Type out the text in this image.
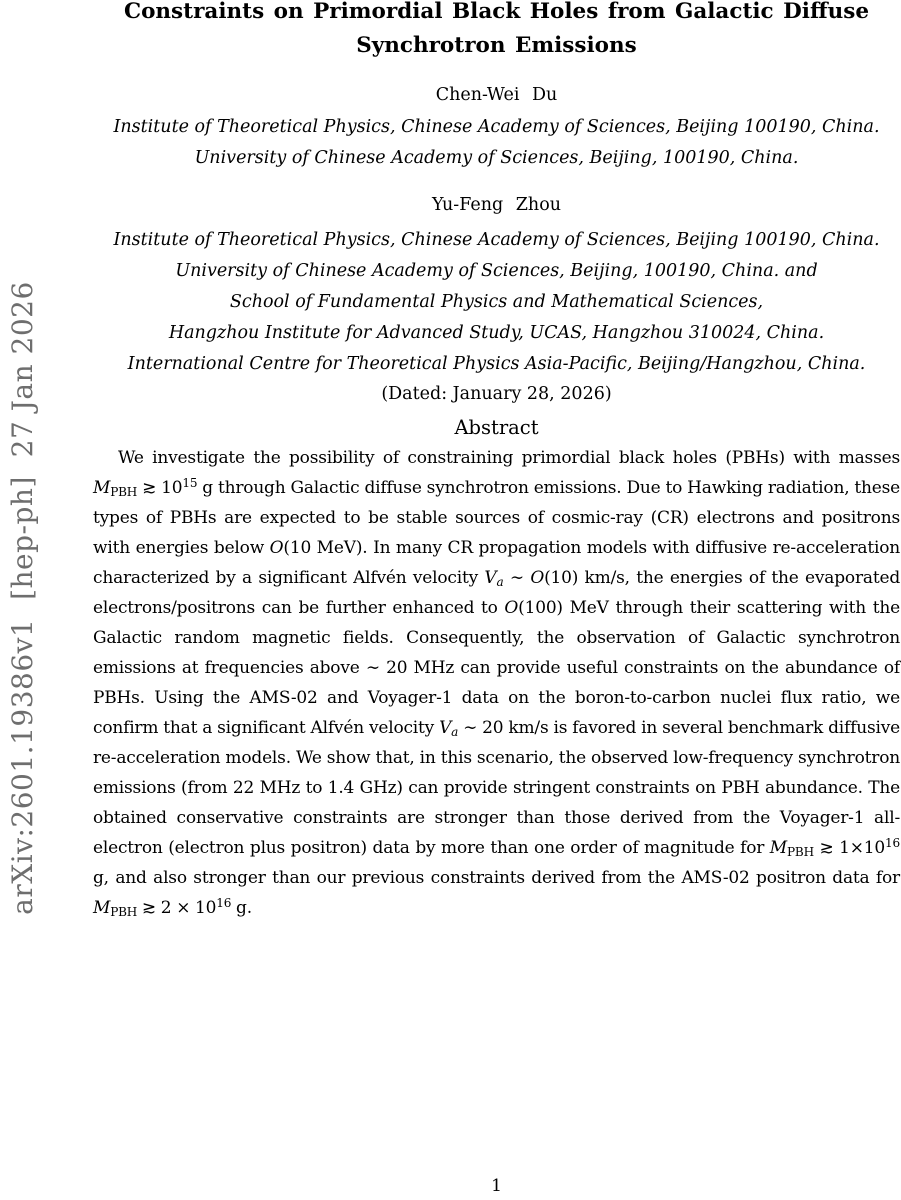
arXiv:2601.19386v1  [hep-ph]  27 Jan 2026
Constraints on Primordial Black Holes from Galactic Diffuse Synchrotron Emissions
Chen-Wei Du
Institute of Theoretical Physics, Chinese Academy of Sciences, Beijing 100190, China.
University of Chinese Academy of Sciences, Beijing, 100190, China.
Yu-Feng Zhou
Institute of Theoretical Physics, Chinese Academy of Sciences, Beijing 100190, China.
University of Chinese Academy of Sciences, Beijing, 100190, China. and
School of Fundamental Physics and Mathematical Sciences,
Hangzhou Institute for Advanced Study, UCAS, Hangzhou 310024, China.
International Centre for Theoretical Physics Asia-Pacific, Beijing/Hangzhou, China.
(Dated: January 28, 2026)
Abstract

We investigate the possibility of constraining primordial black holes (PBHs) with masses MPBH ≳ $10^{15}$ g through Galactic diffuse synchrotron emissions. Due to Hawking radiation, these types of PBHs are expected to be stable sources of cosmic-ray (CR) electrons and positrons with energies below O(10 MeV). In many CR propagation models with diffusive re-acceleration characterized by a significant Alfvén velocity Va ∼ O(10) km/s, the energies of the evaporated electrons/positrons can be further enhanced to O(100) MeV through their scattering with the Galactic random magnetic fields. Consequently, the observation of Galactic synchrotron emissions at frequencies above ∼ 20 MHz can provide useful constraints on the abundance of PBHs. Using the AMS-02 and Voyager-1 data on the boron-to-carbon nuclei flux ratio, we confirm that a significant Alfvén velocity Va ∼ 20 km/s is favored in several benchmark diffusive re-acceleration models. We show that, in this scenario, the observed low-frequency synchrotron emissions (from 22 MHz to 1.4 GHz) can provide stringent constraints on PBH abundance. The obtained conservative constraints are stronger than those derived from the Voyager-1 all-electron (electron plus positron) data by more than one order of magnitude for MPBH ≳ $1\times 10^{16}$ g, and also stronger than our previous constraints derived from the AMS-02 positron data for MPBH ≳ $2 \times 10^{16}$ g.

1
